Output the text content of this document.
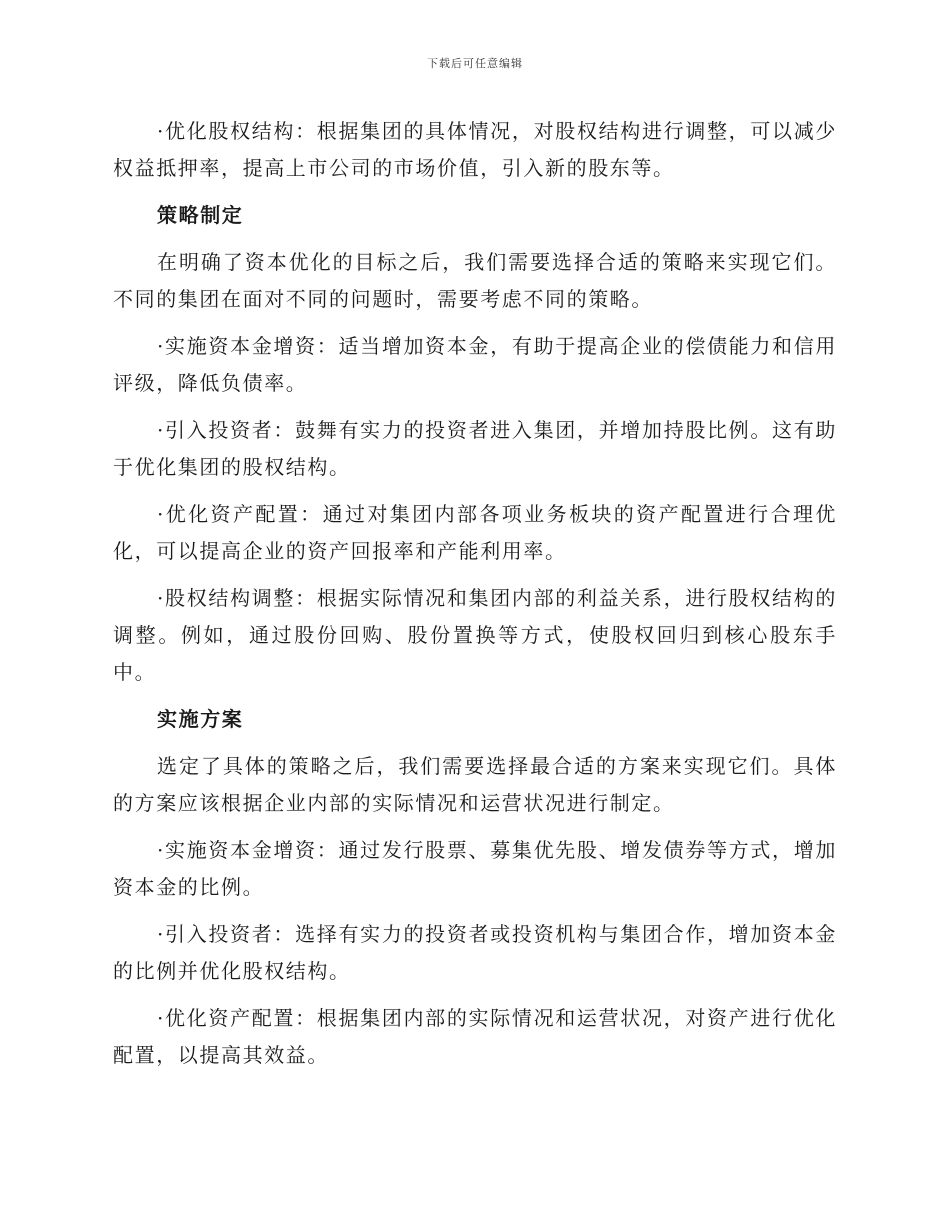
下载后可任意编辑

·优化股权结构：根据集团的具体情况，对股权结构进行调整，可以减少权益抵押率，提高上市公司的市场价值，引入新的股东等。

策略制定

在明确了资本优化的目标之后，我们需要选择合适的策略来实现它们。不同的集团在面对不同的问题时，需要考虑不同的策略。

·实施资本金增资：适当增加资本金，有助于提高企业的偿债能力和信用评级，降低负债率。

·引入投资者：鼓舞有实力的投资者进入集团，并增加持股比例。这有助于优化集团的股权结构。

·优化资产配置：通过对集团内部各项业务板块的资产配置进行合理优化，可以提高企业的资产回报率和产能利用率。

·股权结构调整：根据实际情况和集团内部的利益关系，进行股权结构的调整。例如，通过股份回购、股份置换等方式，使股权回归到核心股东手中。

实施方案

选定了具体的策略之后，我们需要选择最合适的方案来实现它们。具体的方案应该根据企业内部的实际情况和运营状况进行制定。

·实施资本金增资：通过发行股票、募集优先股、增发债券等方式，增加资本金的比例。

·引入投资者：选择有实力的投资者或投资机构与集团合作，增加资本金的比例并优化股权结构。

·优化资产配置：根据集团内部的实际情况和运营状况，对资产进行优化配置，以提高其效益。
